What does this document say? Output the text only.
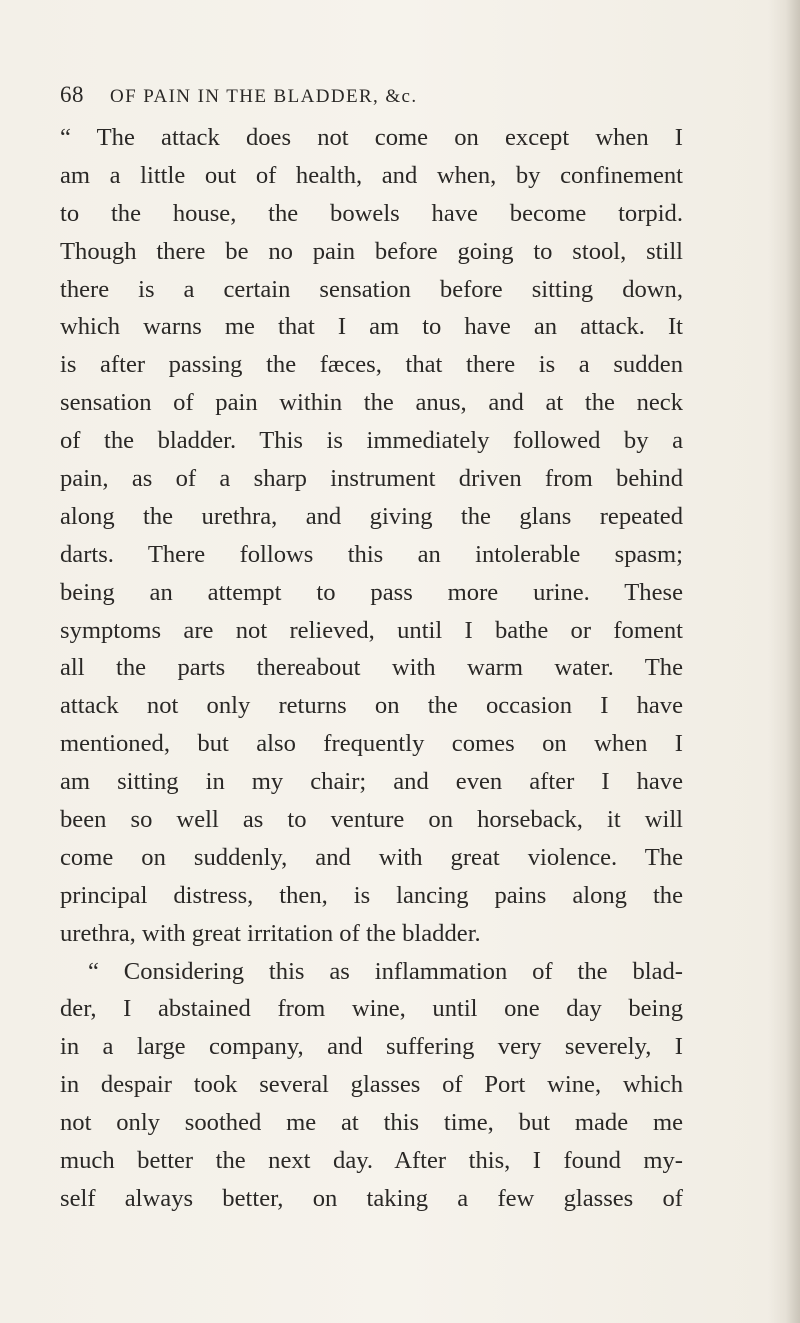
68 OF PAIN IN THE BLADDER, &c.
“ The attack does not come on except when I
am a little out of health, and when, by confinement
to the house, the bowels have become torpid.
Though there be no pain before going to stool, still
there is a certain sensation before sitting down,
which warns me that I am to have an attack. It
is after passing the fæces, that there is a sudden
sensation of pain within the anus, and at the neck
of the bladder. This is immediately followed by a
pain, as of a sharp instrument driven from behind
along the urethra, and giving the glans repeated
darts. There follows this an intolerable spasm;
being an attempt to pass more urine. These
symptoms are not relieved, until I bathe or foment
all the parts thereabout with warm water. The
attack not only returns on the occasion I have
mentioned, but also frequently comes on when I
am sitting in my chair; and even after I have
been so well as to venture on horseback, it will
come on suddenly, and with great violence. The
principal distress, then, is lancing pains along the
urethra, with great irritation of the bladder.
“ Considering this as inflammation of the blad-
der, I abstained from wine, until one day being
in a large company, and suffering very severely, I
in despair took several glasses of Port wine, which
not only soothed me at this time, but made me
much better the next day. After this, I found my-
self always better, on taking a few glasses of
